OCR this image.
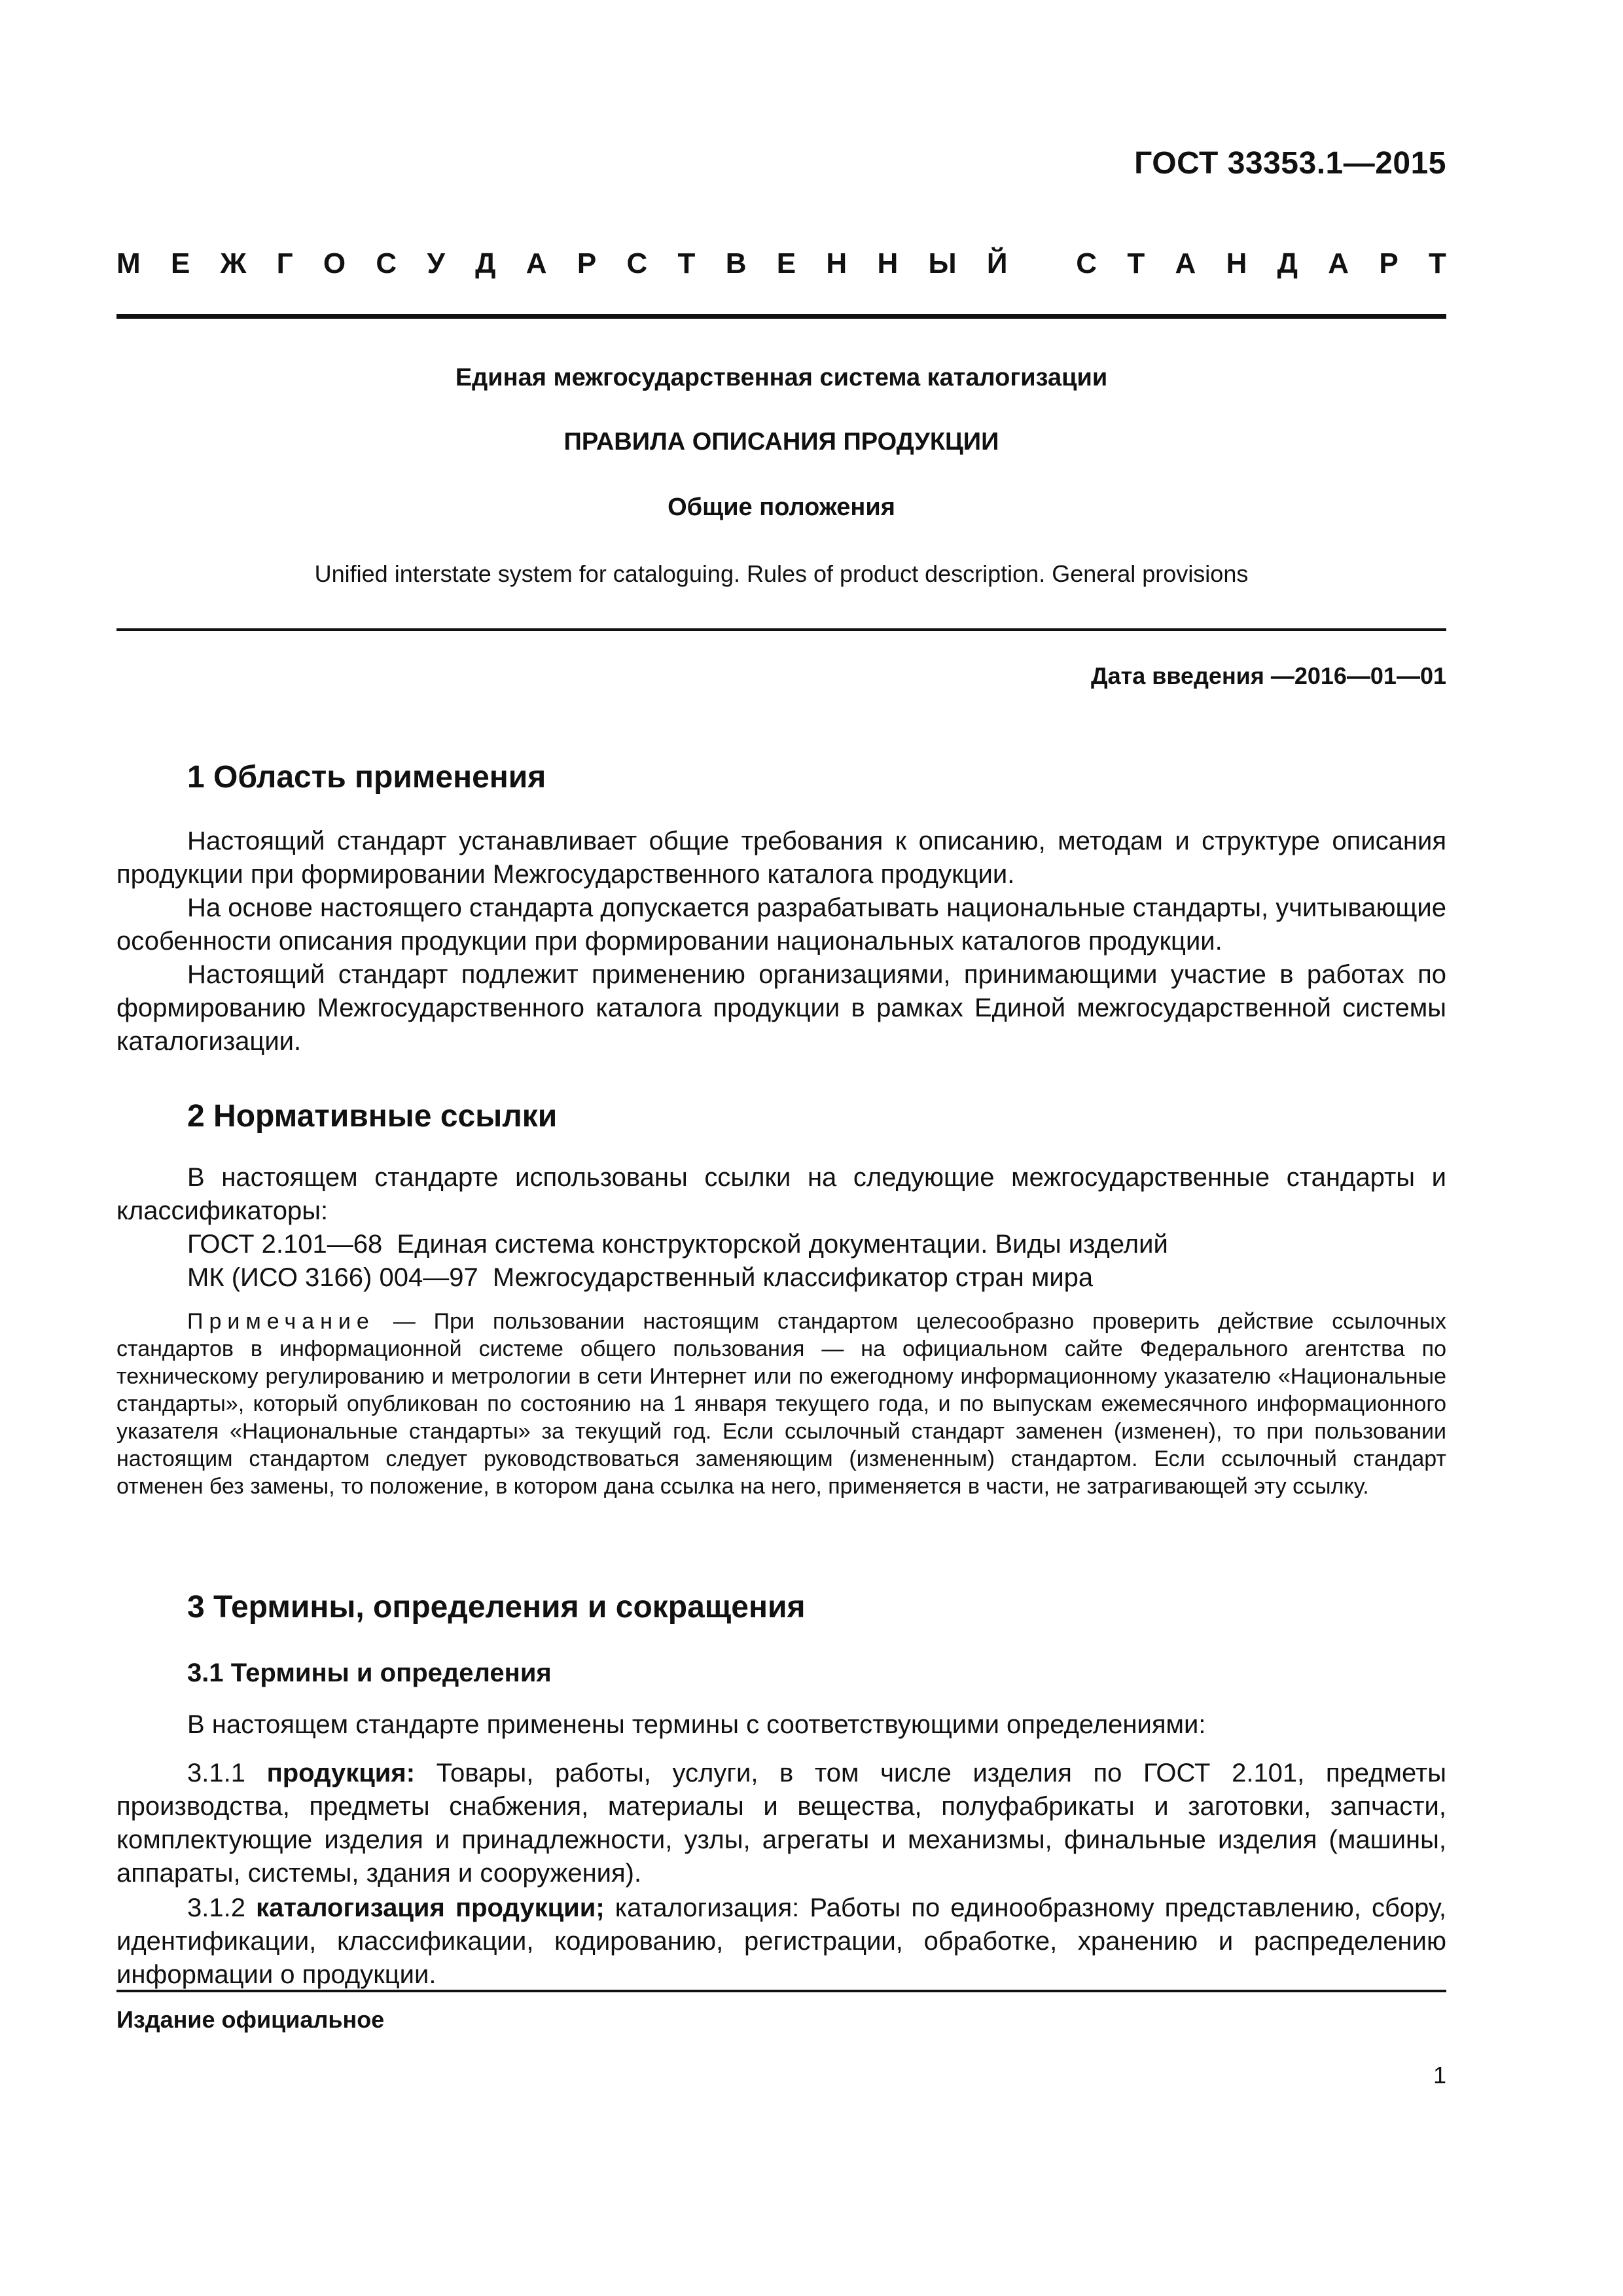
ГОСТ 33353.1—2015
М Е Ж Г О С У Д А Р С Т В Е Н Н Ы Й
С Т А Н Д А Р Т
Единая межгосударственная система каталогизации
ПРАВИЛА ОПИСАНИЯ ПРОДУКЦИИ
Общие положения
Unified interstate system for cataloguing. Rules of product description. General provisions
Дата введения —2016—01—01
1 Область применения

Настоящий стандарт устанавливает общие требования к описанию, методам и структуре описания продукции при формировании Межгосударственного каталога продукции.

На основе настоящего стандарта допускается разрабатывать национальные стандарты, учитывающие особенности описания продукции при формировании национальных каталогов продукции.

Настоящий стандарт подлежит применению организациями, принимающими участие в работах по формированию Межгосударственного каталога продукции в рамках Единой межгосударственной системы каталогизации.

2 Нормативные ссылки

В настоящем стандарте использованы ссылки на следующие межгосударственные стандарты и классификаторы:

ГОСТ 2.101—68  Единая система конструкторской документации. Виды изделий
МК (ИСО 3166) 004—97  Межгосударственный классификатор стран мира

Примечание — При пользовании настоящим стандартом целесообразно проверить действие ссылочных стандартов в информационной системе общего пользования — на официальном сайте Федерального агентства по техническому регулированию и метрологии в сети Интернет или по ежегодному информационному указателю «Национальные стандарты», который опубликован по состоянию на 1 января текущего года, и по выпускам ежемесячного информационного указателя «Национальные стандарты» за текущий год. Если ссылочный стандарт заменен (изменен), то при пользовании настоящим стандартом следует руководствоваться заменяющим (измененным) стандартом. Если ссылочный стандарт отменен без замены, то положение, в котором дана ссылка на него, применяется в части, не затрагивающей эту ссылку.

3 Термины, определения и сокращения
3.1 Термины и определения

В настоящем стандарте применены термины с соответствующими определениями:

3.1.1 продукция: Товары, работы, услуги, в том числе изделия по ГОСТ 2.101, предметы производства, предметы снабжения, материалы и вещества, полуфабрикаты и заготовки, запчасти, комплектующие изделия и принадлежности, узлы, агрегаты и механизмы, финальные изделия (машины, аппараты, системы, здания и сооружения).

3.1.2 каталогизация продукции; каталогизация: Работы по единообразному представлению, сбору, идентификации, классификации, кодированию, регистрации, обработке, хранению и распределению информации о продукции.

Издание официальное
1
